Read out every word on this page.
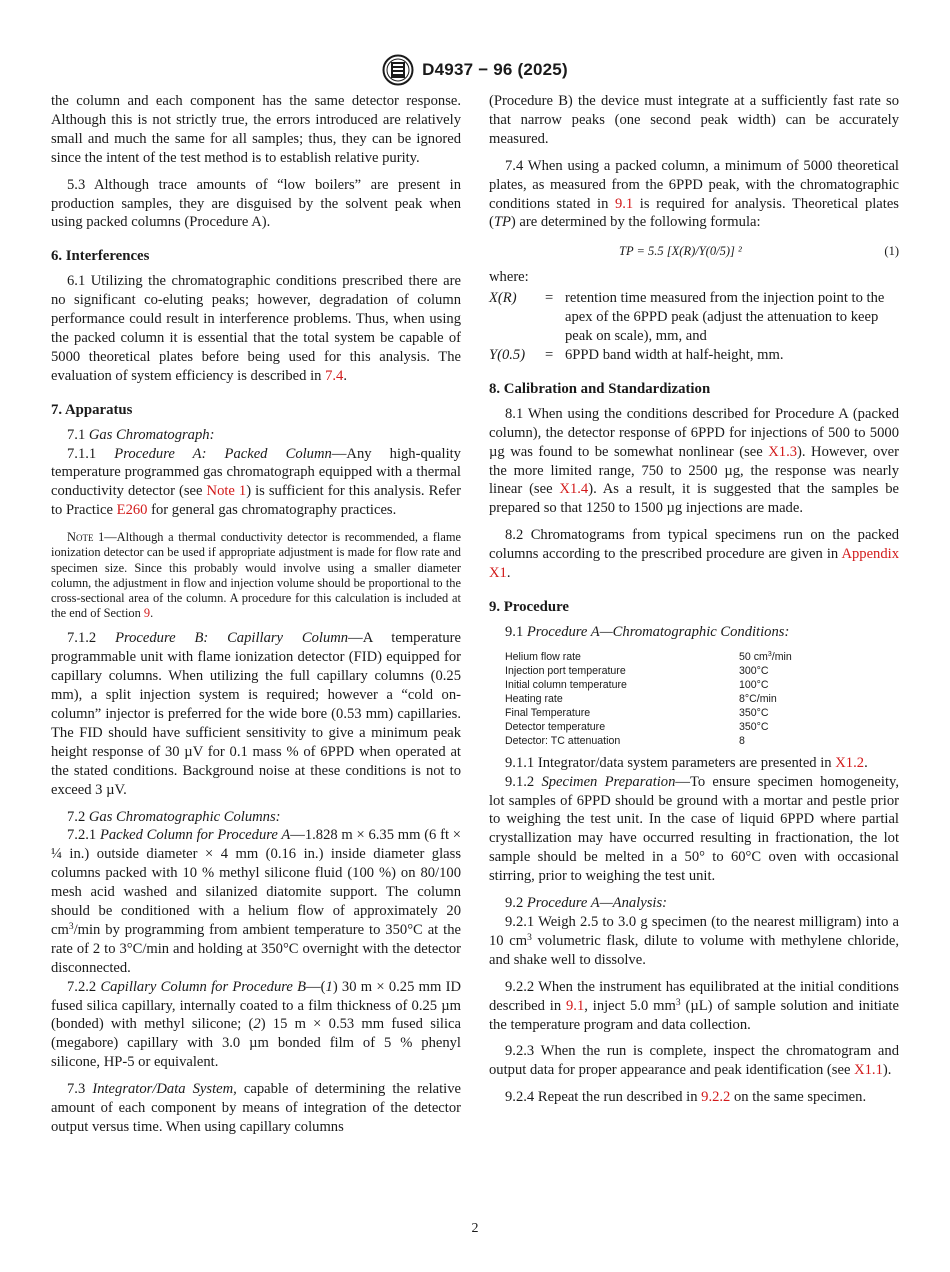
D4937 − 96 (2025)

the column and each component has the same detector response. Although this is not strictly true, the errors introduced are relatively small and much the same for all samples; thus, they can be ignored since the intent of the test method is to establish relative purity.

5.3 Although trace amounts of “low boilers” are present in production samples, they are disguised by the solvent peak when using packed columns (Procedure A).

6. Interferences

6.1 Utilizing the chromatographic conditions prescribed there are no significant co-eluting peaks; however, degradation of column performance could result in interference problems. Thus, when using the packed column it is essential that the total system be capable of 5000 theoretical plates before being used for this analysis. The evaluation of system efficiency is described in 7.4.

7. Apparatus

7.1 Gas Chromatograph:

7.1.1 Procedure A: Packed Column—Any high-quality temperature programmed gas chromatograph equipped with a thermal conductivity detector (see Note 1) is sufficient for this analysis. Refer to Practice E260 for general gas chromatography practices.

Note 1—Although a thermal conductivity detector is recommended, a flame ionization detector can be used if appropriate adjustment is made for flow rate and specimen size. Since this probably would involve using a smaller diameter column, the adjustment in flow and injection volume should be proportional to the cross-sectional area of the column. A procedure for this calculation is included at the end of Section 9.

7.1.2 Procedure B: Capillary Column—A temperature programmable unit with flame ionization detector (FID) equipped for capillary columns. When utilizing the full capillary columns (0.25 mm), a split injection system is required; however a “cold on-column” injector is preferred for the wide bore (0.53 mm) capillaries. The FID should have sufficient sensitivity to give a minimum peak height response of 30 µV for 0.1 mass % of 6PPD when operated at the stated conditions. Background noise at these conditions is not to exceed 3 µV.

7.2 Gas Chromatographic Columns:

7.2.1 Packed Column for Procedure A—1.828 m × 6.35 mm (6 ft × ¼ in.) outside diameter × 4 mm (0.16 in.) inside diameter glass columns packed with 10 % methyl silicone fluid (100 %) on 80/100 mesh acid washed and silanized diatomite support. The column should be conditioned with a helium flow of approximately 20 $cm^3/\min$ by programming from ambient temperature to 350°C at the rate of 2 to 3°C/min and holding at 350°C overnight with the detector disconnected.

7.2.2 Capillary Column for Procedure B—(1) 30 m × 0.25 mm ID fused silica capillary, internally coated to a film thickness of 0.25 µm (bonded) with methyl silicone; (2) 15 m × 0.53 mm fused silica (megabore) capillary with 3.0 µm bonded film of 5 % phenyl silicone, HP-5 or equivalent.

7.3 Integrator/Data System, capable of determining the relative amount of each component by means of integration of the detector output versus time. When using capillary columns

(Procedure B) the device must integrate at a sufficiently fast rate so that narrow peaks (one second peak width) can be accurately measured.

7.4 When using a packed column, a minimum of 5000 theoretical plates, as measured from the 6PPD peak, with the chromatographic conditions stated in 9.1 is required for analysis. Theoretical plates (TP) are determined by the following formula:

TP = 5.5 [X(R)/Y(0/5)] ²	(1)

where:

X(R)	= retention time measured from the injection point to the apex of the 6PPD peak (adjust the attenuation to keep peak on scale), mm, and
Y(0.5)	= 6PPD band width at half-height, mm.
8. Calibration and Standardization

8.1 When using the conditions described for Procedure A (packed column), the detector response of 6PPD for injections of 500 to 5000 µg was found to be somewhat nonlinear (see X1.3). However, over the more limited range, 750 to 2500 µg, the response was nearly linear (see X1.4). As a result, it is suggested that the samples be prepared so that 1250 to 1500 µg injections are made.

8.2 Chromatograms from typical specimens run on the packed columns according to the prescribed procedure are given in Appendix X1.

9. Procedure

9.1 Procedure A—Chromatographic Conditions:

Helium flow rate	50 $cm^3/\min$
Injection port temperature	300°C
Initial column temperature	100°C
Heating rate	8°C/min
Final Temperature	350°C
Detector temperature	350°C
Detector: TC attenuation	8

9.1.1 Integrator/data system parameters are presented in X1.2.

9.1.2 Specimen Preparation—To ensure specimen homogeneity, lot samples of 6PPD should be ground with a mortar and pestle prior to weighing the test unit. In the case of liquid 6PPD where partial crystallization may have occurred resulting in fractionation, the lot sample should be melted in a 50° to 60°C oven with occasional stirring, prior to weighing the test unit.

9.2 Procedure A—Analysis:

9.2.1 Weigh 2.5 to 3.0 g specimen (to the nearest milligram) into a 10 $cm^3$ volumetric flask, dilute to volume with methylene chloride, and shake well to dissolve.

9.2.2 When the instrument has equilibrated at the initial conditions described in 9.1, inject 5.0 $mm^3$ (µL) of sample solution and initiate the temperature program and data collection.

9.2.3 When the run is complete, inspect the chromatogram and output data for proper appearance and peak identification (see X1.1).

9.2.4 Repeat the run described in 9.2.2 on the same specimen.

2
